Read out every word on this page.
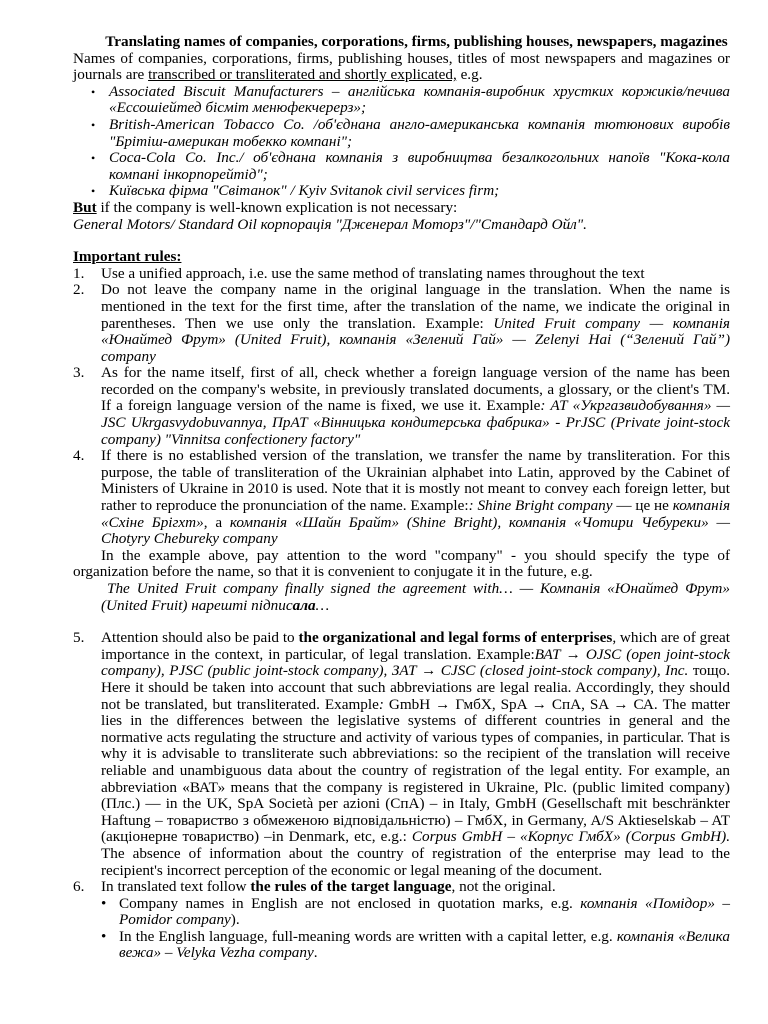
Translating names of companies, corporations, firms, publishing houses, newspapers, magazines

Names of companies, corporations, firms, publishing houses, titles of most newspapers and magazines or journals are transcribed or transliterated and shortly explicated, e.g.

• Associated Biscuit Manufacturers – англійська компанія-виробник хрустких коржиків/печива «Ессошіейтед бісміт менюфекчерерз»;
• British-American Tobacco Co. /об'єднана англо-американська компанія тютюнових виробів "Брітіш-американ тобекко компані";
• Coca-Cola Co. Inc./ об'єднана компанія з виробництва безалкогольних напоїв "Кока-кола компані інкорпорейтід";
• Київська фірма "Світанок" / Kyiv Svitanok civil services firm;

But if the company is well-known explication is not necessary:

General Motors/ Standard Oil корпорація "Дженерал Моторз"/"Стандард Ойл".

Important rules:

1. Use a unified approach, i.e. use the same method of translating names throughout the text
2. Do not leave the company name in the original language in the translation. When the name is mentioned in the text for the first time, after the translation of the name, we indicate the original in parentheses. Then we use only the translation. Example: United Fruit company — компанія «Юнайтед Фрут» (United Fruit), компанія «Зелений Гай» — Zelenyi Hai (“Зелений Гай”) company
3. As for the name itself, first of all, check whether a foreign language version of the name has been recorded on the company's website, in previously translated documents, a glossary, or the client's TM. If a foreign language version of the name is fixed, we use it. Example: АТ «Укргазвидобування» — JSC Ukrgasvydobuvannya, ПрАТ «Вінницька кондитерська фабрика» - PrJSC (Private joint-stock company) "Vinnitsa confectionery factory"
4. If there is no established version of the translation, we transfer the name by transliteration. For this purpose, the table of transliteration of the Ukrainian alphabet into Latin, approved by the Cabinet of Ministers of Ukraine in 2010 is used. Note that it is mostly not meant to convey each foreign letter, but rather to reproduce the pronunciation of the name. Example:: Shine Bright company — це не компанія «Схіне Брігхт», а компанія «Шайн Брайт» (Shine Bright), компанія «Чотири Чебуреки» — Chotyry Chebureky company

In the example above, pay attention to the word "company" - you should specify the type of organization before the name, so that it is convenient to conjugate it in the future, e.g.

The United Fruit company finally signed the agreement with… — Компанія «Юнайтед Фрут» (United Fruit) нарешті підписала…

5. Attention should also be paid to the organizational and legal forms of enterprises, which are of great importance in the context, in particular, of legal translation. Example:ВАТ → OJSC (open joint-stock company), PJSC (public joint-stock company), ЗАТ → CJSC (closed joint-stock company), Inc. тощо. Here it should be taken into account that such abbreviations are legal realia. Accordingly, they should not be translated, but transliterated. Example: GmbH → ГмбХ, SpA → СпА, SA → СА. The matter lies in the differences between the legislative systems of different countries in general and the normative acts regulating the structure and activity of various types of companies, in particular. That is why it is advisable to transliterate such abbreviations: so the recipient of the translation will receive reliable and unambiguous data about the country of registration of the legal entity. For example, an abbreviation «ВАТ» means that the company is registered in Ukraine, Plc. (public limited company) (Плс.) — in the UK, SpA Società per azioni (СпА) – in Italy, GmbH (Gesellschaft mit beschränkter Haftung – товариство з обмеженою відповідальністю) – ГмбХ, in Germany, A/S Aktieselskab – AT (акціонерне товариство) –in Denmark, etc, e.g.: Corpus GmbH – «Корпус ГмбХ» (Corpus GmbH). The absence of information about the country of registration of the enterprise may lead to the recipient's incorrect perception of the economic or legal meaning of the document.
6. In translated text follow the rules of the target language, not the original.
• Company names in English are not enclosed in quotation marks, e.g. компанія «Помідор» – Pomidor company).
• In the English language, full-meaning words are written with a capital letter, e.g. компанія «Велика вежа» – Velyka Vezha company.
